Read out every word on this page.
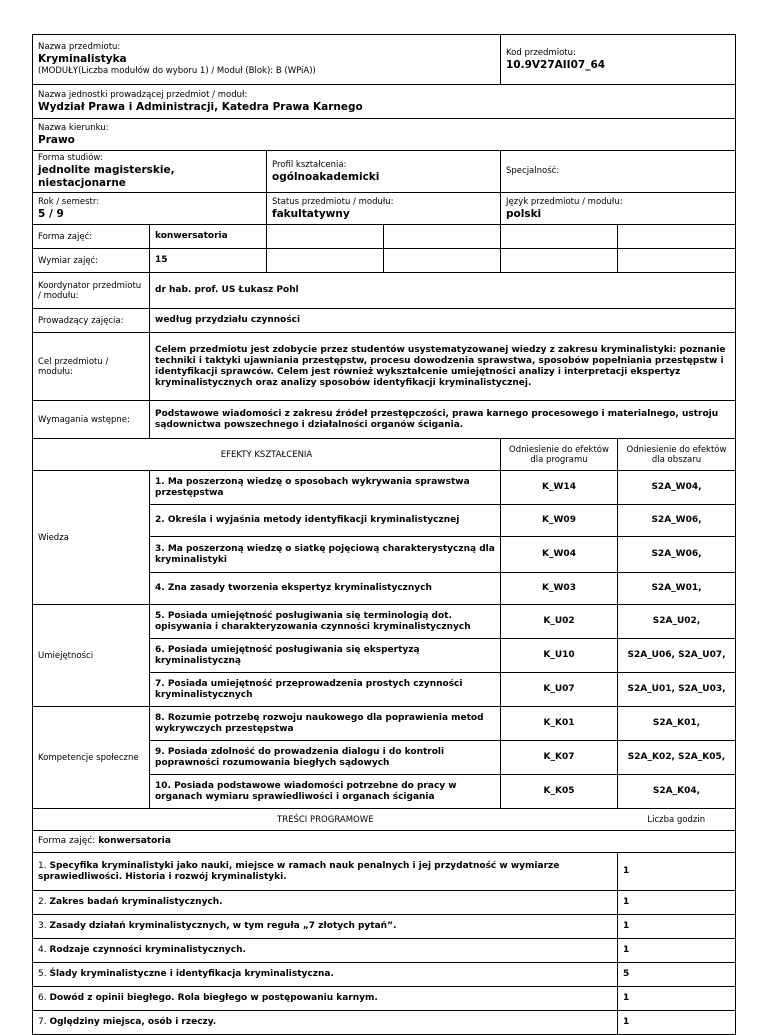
Nazwa przedmiotu:
Kryminalistyka
(MODUŁY(Liczba modułów do wyboru 1) / Moduł (Blok): B (WPiA))				Kod przedmiotu:
10.9V27AII07_64	

Nazwa jednostki prowadzącej przedmiot / moduł:
Wydział Prawa i Administracji, Katedra Prawa Karnego					

Nazwa kierunku:
Prawo					

Forma studiów:
jednolite magisterskie, niestacjonarne		Profil kształcenia:
ogólnoakademicki		Specjalność:	

Rok / semestr:
5 / 9		Status przedmiotu / modułu:
fakultatywny		Język przedmiotu / modułu:
polski	

Forma zajęć:	konwersatoria				
Wymiar zajęć:	15				
Koordynator przedmiotu / modułu:	dr hab. prof. US Łukasz Pohl				
Prowadzący zajęcia:	według przydziału czynności				
Cel przedmiotu / modułu:	Celem przedmiotu jest zdobycie przez studentów usystematyzowanej wiedzy z zakresu kryminalistyki: poznanie techniki i taktyki ujawniania przestępstw, procesu dowodzenia sprawstwa, sposobów popełniania przestępstw i identyfikacji sprawców. Celem jest również wykształcenie umiejętności analizy i interpretacji ekspertyz kryminalistycznych oraz analizy sposobów identyfikacji kryminalistycznej.				
Wymagania wstępne:	Podstawowe wiadomości z zakresu źródeł przestępczości, prawa karnego procesowego i materialnego, ustroju sądownictwa powszechnego i działalności organów ścigania.				
EFEKTY KSZTAŁCENIA				Odniesienie do efektów dla programu	Odniesienie do efektów dla obszaru
Wiedza	1. Ma poszerzoną wiedzę o sposobach wykrywania sprawstwa przestępstwa			K_W14	S2A_W04,
	2. Określa i wyjaśnia metody identyfikacji kryminalistycznej			K_W09	S2A_W06,
	3. Ma poszerzoną wiedzę o siatkę pojęciową charakterystyczną dla kryminalistyki			K_W04	S2A_W06,
	4. Zna zasady tworzenia ekspertyz kryminalistycznych			K_W03	S2A_W01,
Umiejętności	5. Posiada umiejętność posługiwania się terminologią dot. opisywania i charakteryzowania czynności kryminalistycznych			K_U02	S2A_U02,
	6. Posiada umiejętność posługiwania się ekspertyzą kryminalistyczną			K_U10	S2A_U06, S2A_U07,
	7. Posiada umiejętność przeprowadzenia prostych czynności kryminalistycznych			K_U07	S2A_U01, S2A_U03,
Kompetencje społeczne	8. Rozumie potrzebę rozwoju naukowego dla poprawienia metod wykrywczych przestępstwa			K_K01	S2A_K01,
	9. Posiada zdolność do prowadzenia dialogu i do kontroli poprawności rozumowania biegłych sądowych			K_K07	S2A_K02, S2A_K05,
	10. Posiada podstawowe wiadomości potrzebne do pracy w organach wymiaru sprawiedliwości i organach ścigania			K_K05	S2A_K04,
TREŚCI PROGRAMOWE					Liczba godzin
Forma zajęć: konwersatoria					
1. Specyfika kryminalistyki jako nauki, miejsce w ramach nauk penalnych i jej przydatność w wymiarze sprawiedliwości. Historia i rozwój kryminalistyki.					1
2. Zakres badań kryminalistycznych.					1
3. Zasady działań kryminalistycznych, w tym reguła „7 złotych pytań”.					1
4. Rodzaje czynności kryminalistycznych.					1
5. Ślady kryminalistyczne i identyfikacja kryminalistyczna.					5
6. Dowód z opinii biegłego. Rola biegłego w postępowaniu karnym.					1
7. Oględziny miejsca, osób i rzeczy.					1
